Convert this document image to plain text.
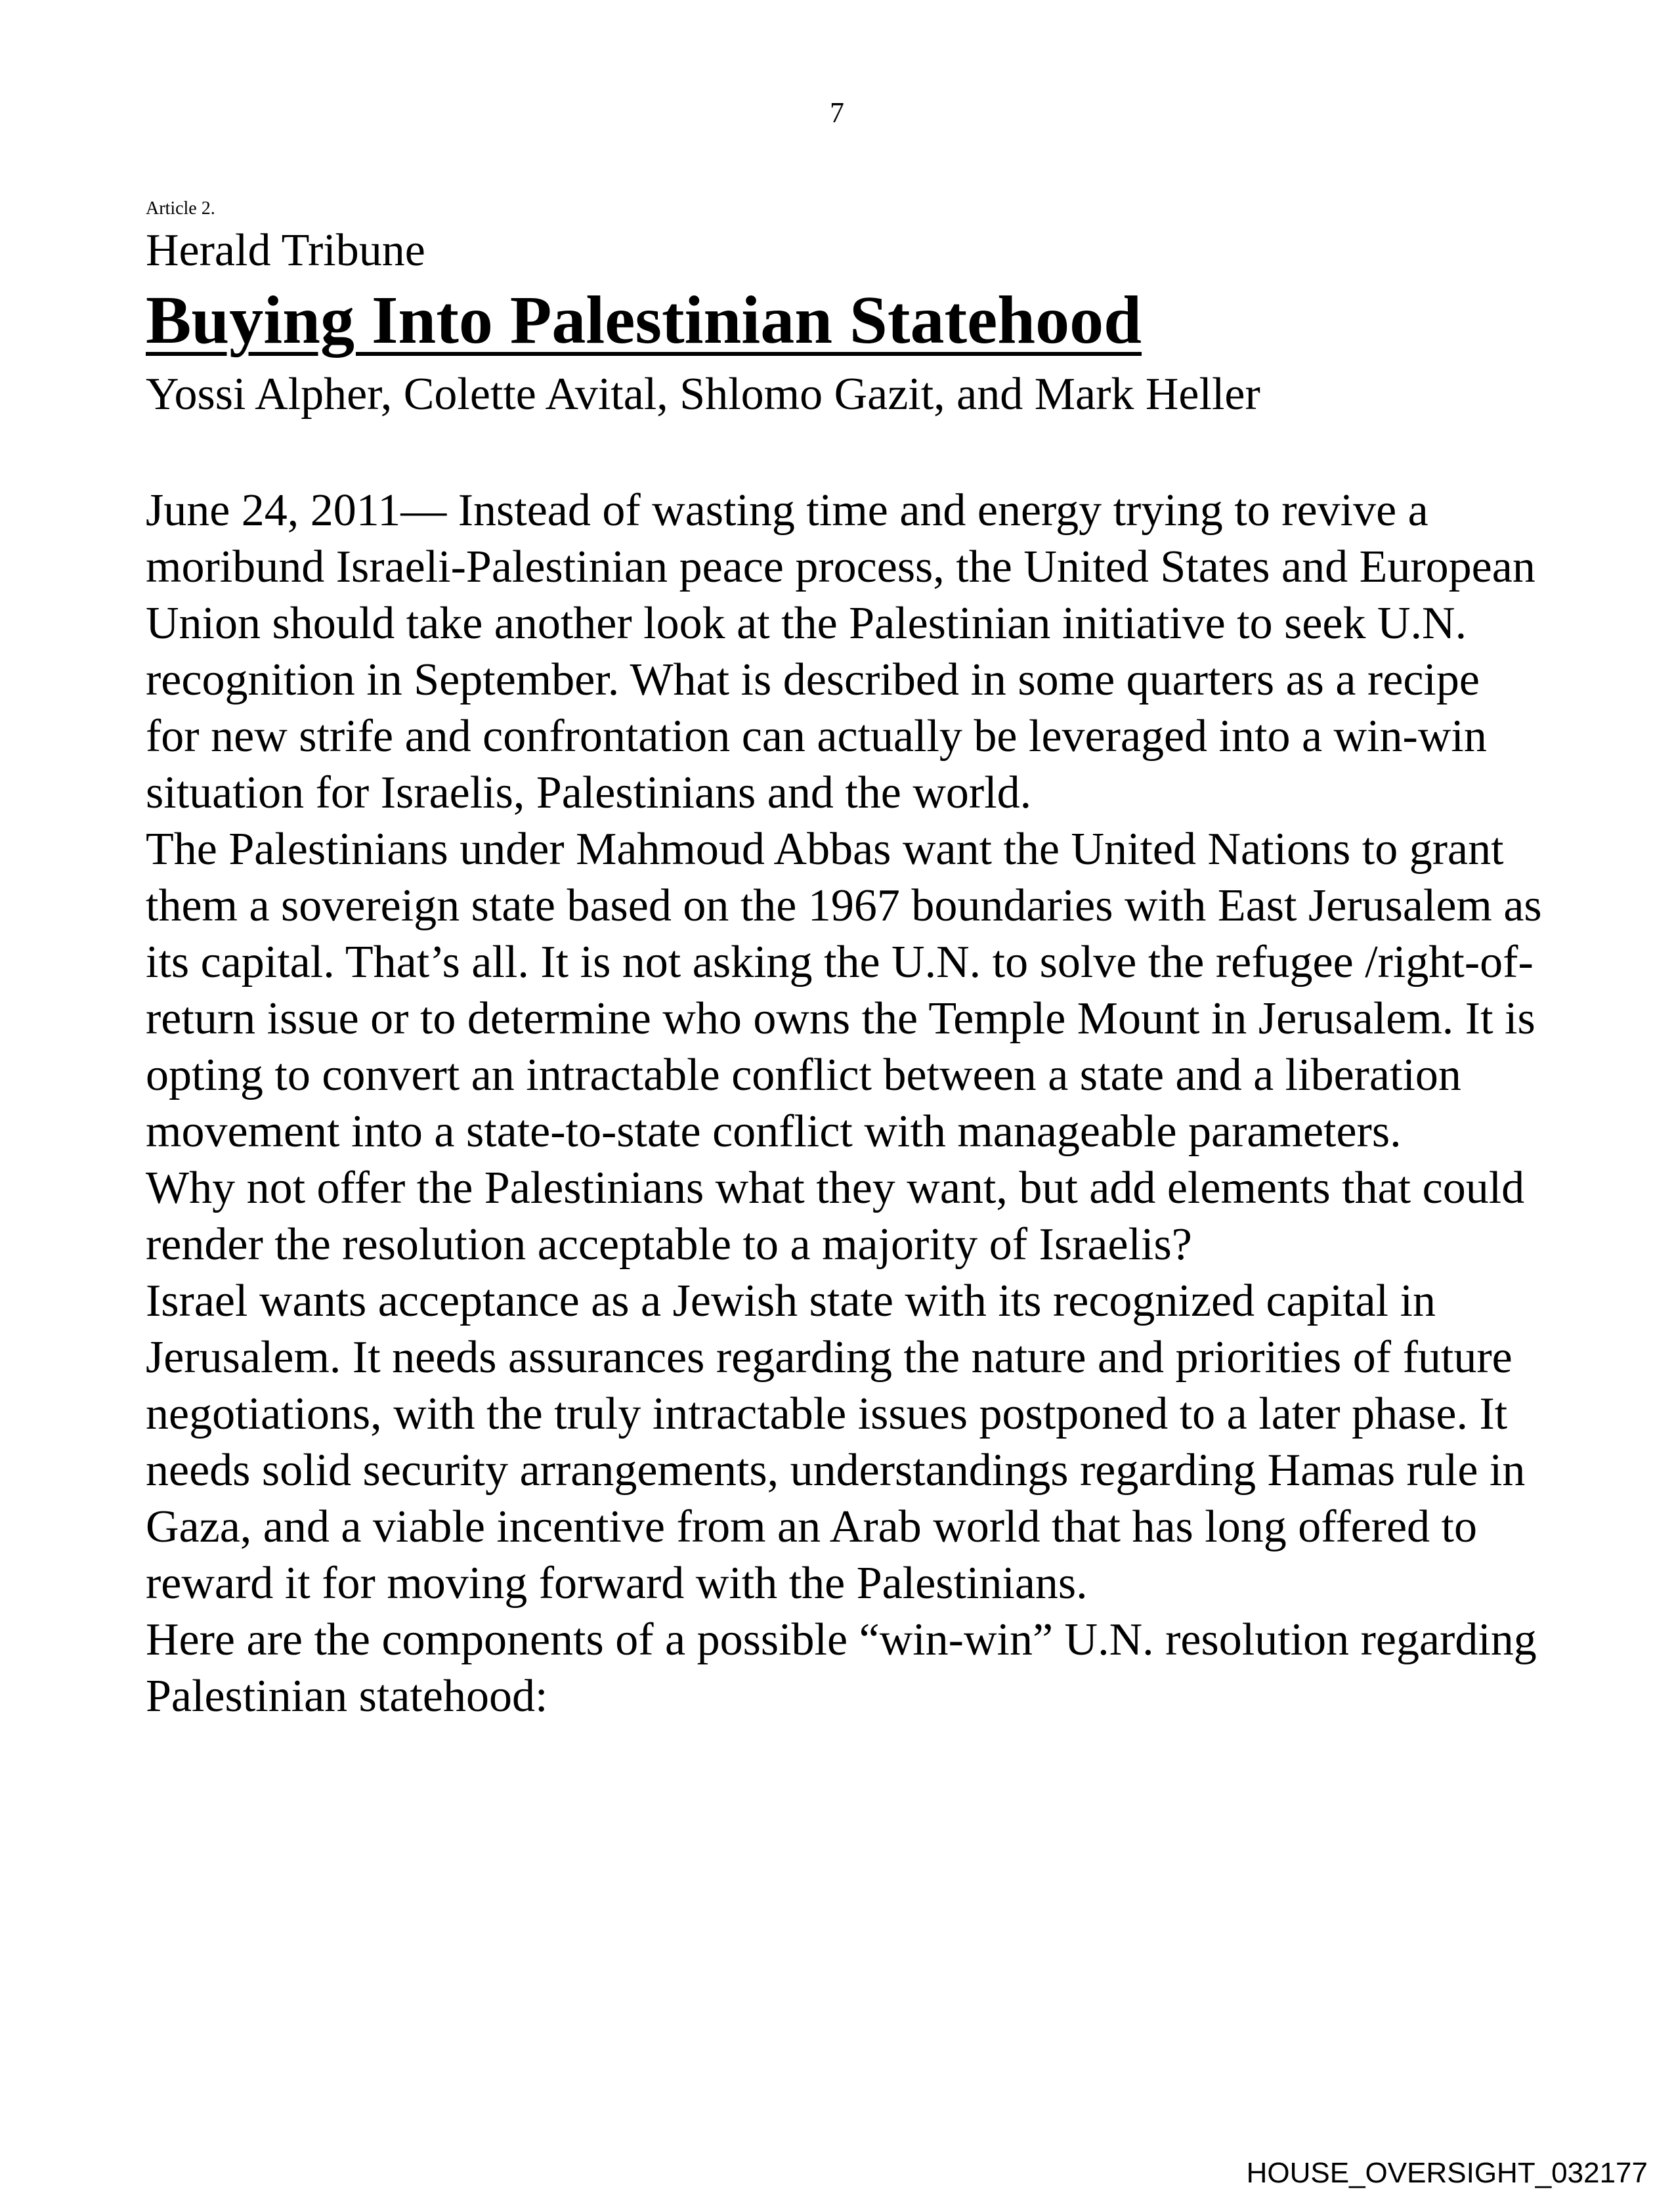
7
Article 2.
Herald Tribune
Buying Into Palestinian Statehood
Yossi Alpher, Colette Avital, Shlomo Gazit, and Mark Heller

June 24, 2011— Instead of wasting time and energy trying to revive a moribund Israeli-Palestinian peace process, the United States and European Union should take another look at the Palestinian initiative to seek U.N. recognition in September. What is described in some quarters as a recipe for new strife and confrontation can actually be leveraged into a win-win situation for Israelis, Palestinians and the world.

The Palestinians under Mahmoud Abbas want the United Nations to grant them a sovereign state based on the 1967 boundaries with East Jerusalem as its capital. That’s all. It is not asking the U.N. to solve the refugee /right-of-return issue or to determine who owns the Temple Mount in Jerusalem. It is opting to convert an intractable conflict between a state and a liberation movement into a state-to-state conflict with manageable parameters.

Why not offer the Palestinians what they want, but add elements that could render the resolution acceptable to a majority of Israelis?

Israel wants acceptance as a Jewish state with its recognized capital in Jerusalem. It needs assurances regarding the nature and priorities of future negotiations, with the truly intractable issues postponed to a later phase. It needs solid security arrangements, understandings regarding Hamas rule in Gaza, and a viable incentive from an Arab world that has long offered to reward it for moving forward with the Palestinians.

Here are the components of a possible “win-win” U.N. resolution regarding Palestinian statehood:

HOUSE_OVERSIGHT_032177
